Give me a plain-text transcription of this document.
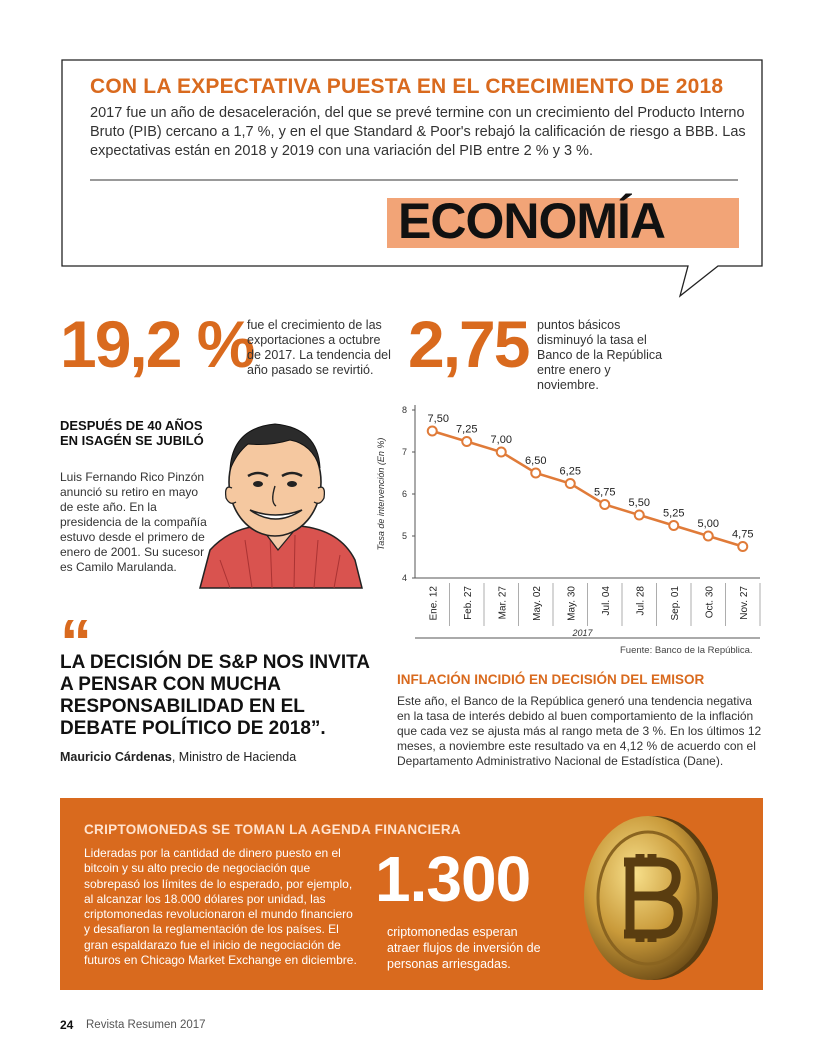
CON LA EXPECTATIVA PUESTA EN EL CRECIMIENTO DE 2018
2017 fue un año de desaceleración, del que se prevé termine con un crecimiento del Producto Interno Bruto (PIB) cercano a 1,7 %, y en el que Standard & Poor's rebajó la calificación de riesgo a BBB. Las expectativas están en 2018 y 2019 con una variación del PIB entre 2 % y 3 %.
ECONOMÍA
19,2 %
fue el crecimiento de las exportaciones a octubre de 2017. La tendencia del año pasado se revirtió. 2,75 puntos básicos disminuyó la tasa el Banco de la República entre enero y noviembre.
DESPUÉS DE 40 AÑOS EN ISAGÉN SE JUBILÓ
Luis Fernando Rico Pinzón anunció su retiro en mayo de este año. En la presidencia de la compañía estuvo desde el primero de enero de 2001. Su sucesor es Camilo Marulanda.
“
LA DECISIÓN DE S&P NOS INVITA A PENSAR CON MUCHA RESPONSABILIDAD EN EL DEBATE POLÍTICO DE 2018”.
Mauricio Cárdenas, Ministro de Hacienda
4
5
6
7
8
Tasa de intervención (En %)
7,50
Ene. 12
7,25
Feb. 27
7,00
Mar. 27
6,50
May. 02
6,25
May. 30
5,75
Jul. 04
5,50
Jul. 28
5,25
Sep. 01
5,00
Oct. 30
4,75
Nov. 27
2017
Fuente: Banco de la República.
INFLACIÓN INCIDIÓ EN DECISIÓN DEL EMISOR
Este año, el Banco de la República generó una tendencia negativa en la tasa de interés debido al buen comportamiento de la inflación que cada vez se ajusta más al rango meta de 3 %. En los últimos 12 meses, a noviembre este resultado va en 4,12 % de acuerdo con el Departamento Administrativo Nacional de Estadística (Dane).
CRIPTOMONEDAS SE TOMAN LA AGENDA FINANCIERA
Lideradas por la cantidad de dinero puesto en el bitcoin y su alto precio de negociación que sobrepasó los límites de lo esperado, por ejemplo, al alcanzar los 18.000 dólares por unidad, las criptomonedas revolucionaron el mundo financiero y desafiaron la reglamentación de los países. El gran espaldarazo fue el inicio de negociación de futuros en Chicago Market Exchange en diciembre.
1.300
criptomonedas esperan atraer flujos de inversión de personas arriesgadas.
24 Revista Resumen 2017
